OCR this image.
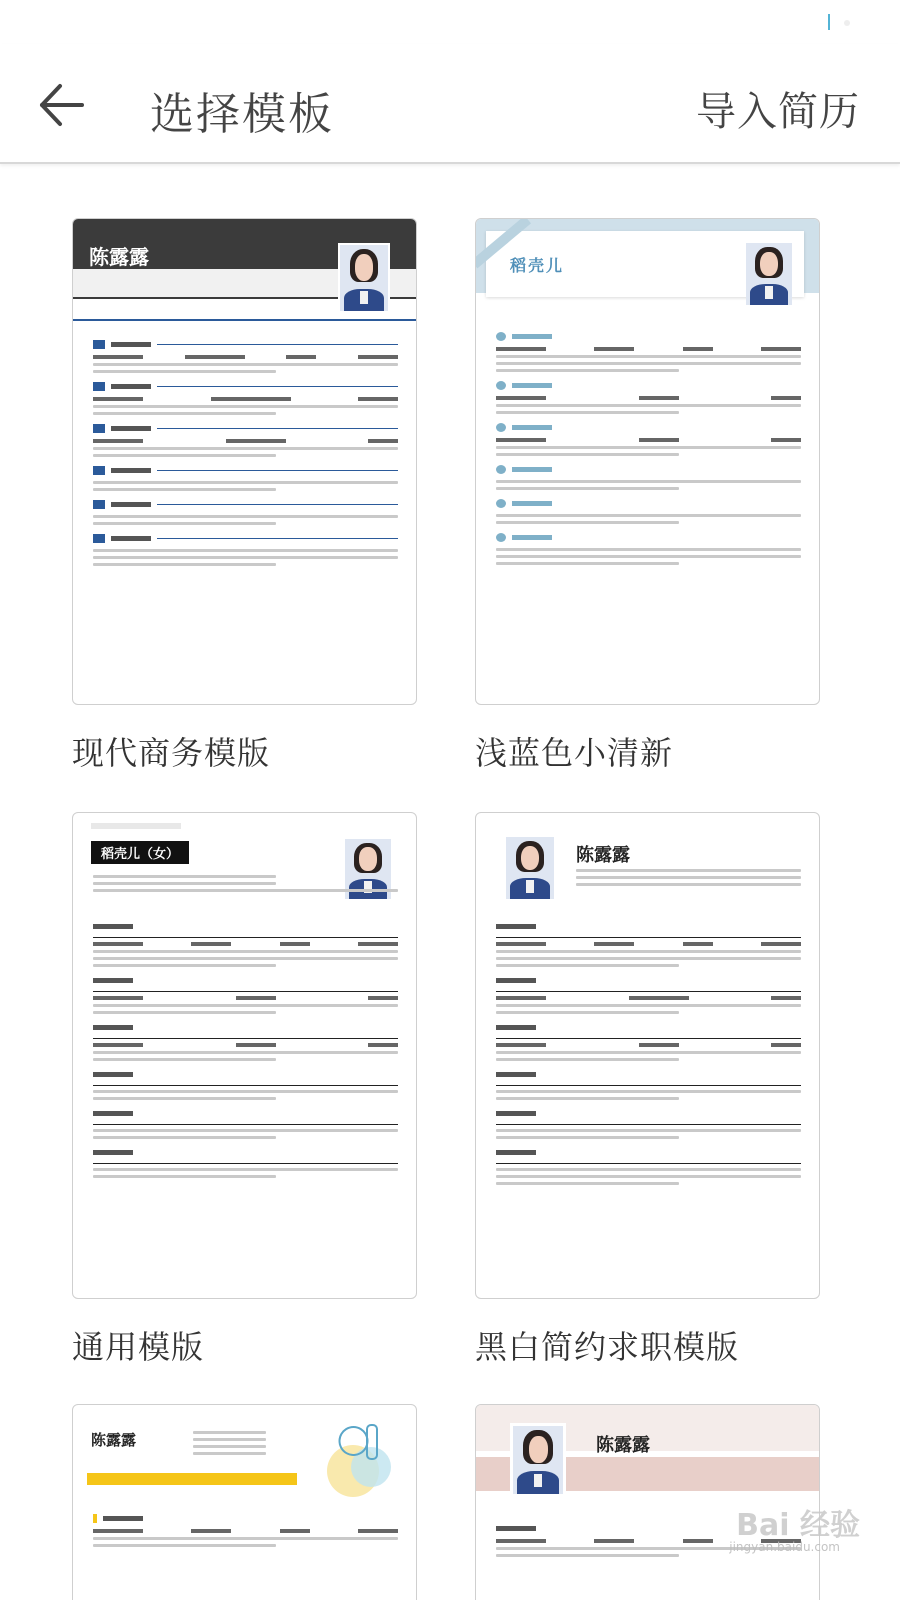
选择模板	导入简历
陈露露
现代商务模版
稻壳儿
浅蓝色小清新
稻壳儿（女）
通用模版
陈露露
黑白简约求职模版
陈露露	陈露露
Bai 经验
jingyan.baidu.com
